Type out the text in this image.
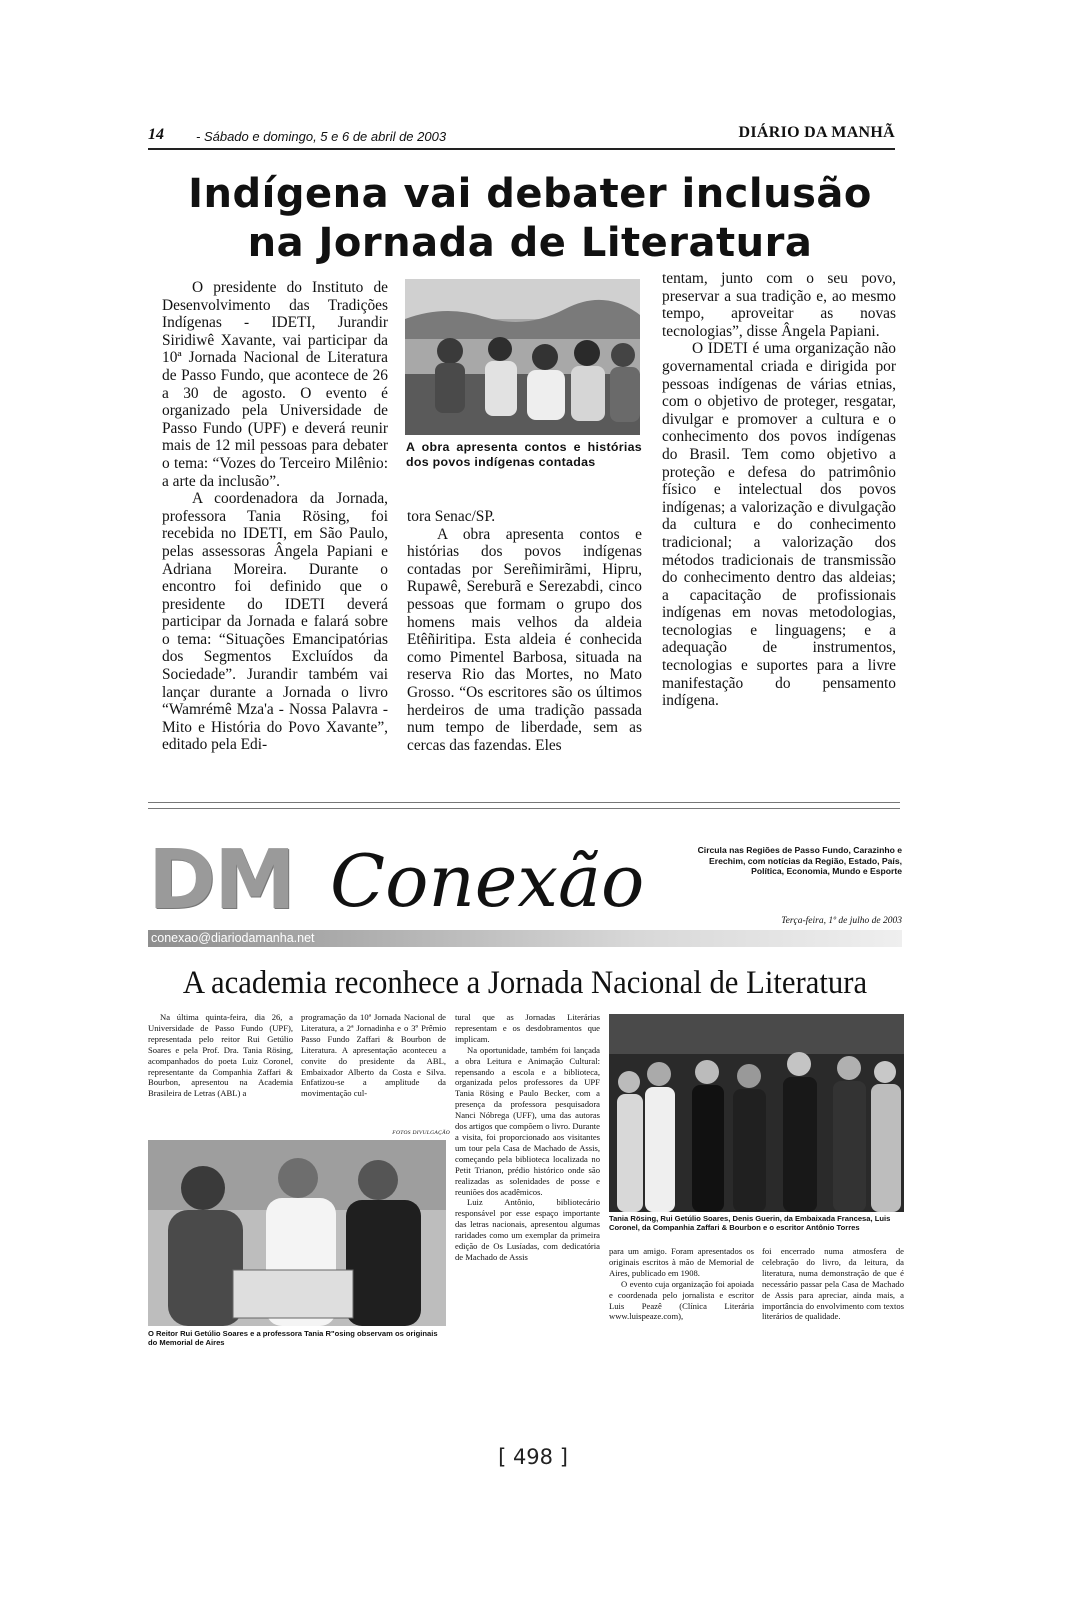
14 - Sábado e domingo, 5 e 6 de abril de 2003	DIÁRIO DA MANHÃ
Indígena vai debater inclusão
na Jornada de Literatura

O presidente do Instituto de Desenvolvimento das Tradições Indígenas - IDETI, Jurandir Siridiwê Xavante, vai participar da 10ª Jornada Nacional de Literatura de Passo Fundo, que acontece de 26 a 30 de agosto. O evento é organizado pela Universidade de Passo Fundo (UPF) e deverá reunir mais de 12 mil pessoas para debater o tema: “Vozes do Terceiro Milênio: a arte da inclusão”.

A coordenadora da Jornada, professora Tania Rösing, foi recebida no IDETI, em São Paulo, pelas assessoras Ângela Papiani e Adriana Moreira. Durante o encontro foi definido que o presidente do IDETI deverá participar da Jornada e falará sobre o tema: “Situações Emancipatórias dos Segmentos Excluídos da Sociedade”. Jurandir também vai lançar durante a Jornada o livro “Wamrémê Mza'a - Nossa Palavra - Mito e História do Povo Xavante”, editado pela Edi-

A obra apresenta contos e histórias dos povos indígenas contadas

tora Senac/SP.

A obra apresenta contos e histórias dos povos indígenas contadas por Sereñimirãmi, Hipru, Rupawê, Sereburã e Serezabdi, cinco pessoas que formam o grupo dos homens mais velhos da aldeia Etêñiritipa. Esta aldeia é conhecida como Pimentel Barbosa, situada na reserva Rio das Mortes, no Mato Grosso. “Os escritores são os últimos herdeiros de uma tradição passada num tempo de liberdade, sem as cercas das fazendas. Eles

tentam, junto com o seu povo, preservar a sua tradição e, ao mesmo tempo, aproveitar as novas tecnologias”, disse Ângela Papiani.

O IDETI é uma organização não governamental criada e dirigida por pessoas indígenas de várias etnias, com o objetivo de proteger, resgatar, divulgar e promover a cultura e o conhecimento dos povos indígenas do Brasil. Tem como objetivo a proteção e defesa do patrimônio físico e intelectual dos povos indígenas; a valorização e divulgação da cultura e do conhecimento tradicional; a valorização dos métodos tradicionais de transmissão do conhecimento dentro das aldeias; a capacitação de profissionais indígenas em novas metodologias, tecnologias e linguagens; e a adequação de instrumentos, tecnologias e suportes para a livre manifestação do pensamento indígena.

DM Conexão	Circula nas Regiões de Passo Fundo, Carazinho e Erechim, com notícias da Região, Estado, País, Política, Economia, Mundo e Esporte
Terça-feira, 1º de julho de 2003
conexao@diariodamanha.net
A academia reconhece a Jornada Nacional de Literatura

Na última quinta-feira, dia 26, a Universidade de Passo Fundo (UPF), representada pelo reitor Rui Getúlio Soares e pela Prof. Dra. Tania Rösing, acompanhados do poeta Luiz Coronel, representante da Companhia Zaffari & Bourbon, apresentou na Academia Brasileira de Letras (ABL) a

programação da 10ª Jornada Nacional de Literatura, a 2ª Jornadinha e o 3º Prêmio Passo Fundo Zaffari & Bourbon de Literatura. A apresentação aconteceu a convite do presidente da ABL, Embaixador Alberto da Costa e Silva. Enfatizou-se a amplitude da movimentação cul-

FOTOS DIVULGAÇÃO
O Reitor Rui Getúlio Soares e a professora Tania R"osing observam os originais do Memorial de Aires

tural que as Jornadas Literárias representam e os desdobramentos que implicam.

Na oportunidade, também foi lançada a obra Leitura e Animação Cultural: repensando a escola e a biblioteca, organizada pelos professores da UPF Tania Rösing e Paulo Becker, com a presença da professora pesquisadora Nanci Nóbrega (UFF), uma das autoras dos artigos que compõem o livro. Durante a visita, foi proporcionado aos visitantes um tour pela Casa de Machado de Assis, começando pela biblioteca localizada no Petit Trianon, prédio histórico onde são realizadas as solenidades de posse e reuniões dos acadêmicos.

Luiz Antônio, bibliotecário responsável por esse espaço importante das letras nacionais, apresentou algumas raridades como um exemplar da primeira edição de Os Lusíadas, com dedicatória de Machado de Assis

Tania Rösing, Rui Getúlio Soares, Denis Guerin, da Embaixada Francesa, Luis Coronel, da Companhia Zaffari & Bourbon e o escritor Antônio Torres

para um amigo. Foram apresentados os originais escritos à mão de Memorial de Aires, publicado em 1908.

O evento cuja organização foi apoiada e coordenada pelo jornalista e escritor Luis Peazê (Clínica Literária www.luispeaze.com),

foi encerrado numa atmosfera de celebração do livro, da leitura, da literatura, numa demonstração de que é necessário passar pela Casa de Machado de Assis para apreciar, ainda mais, a importância do envolvimento com textos literários de qualidade.

[ 498 ]
